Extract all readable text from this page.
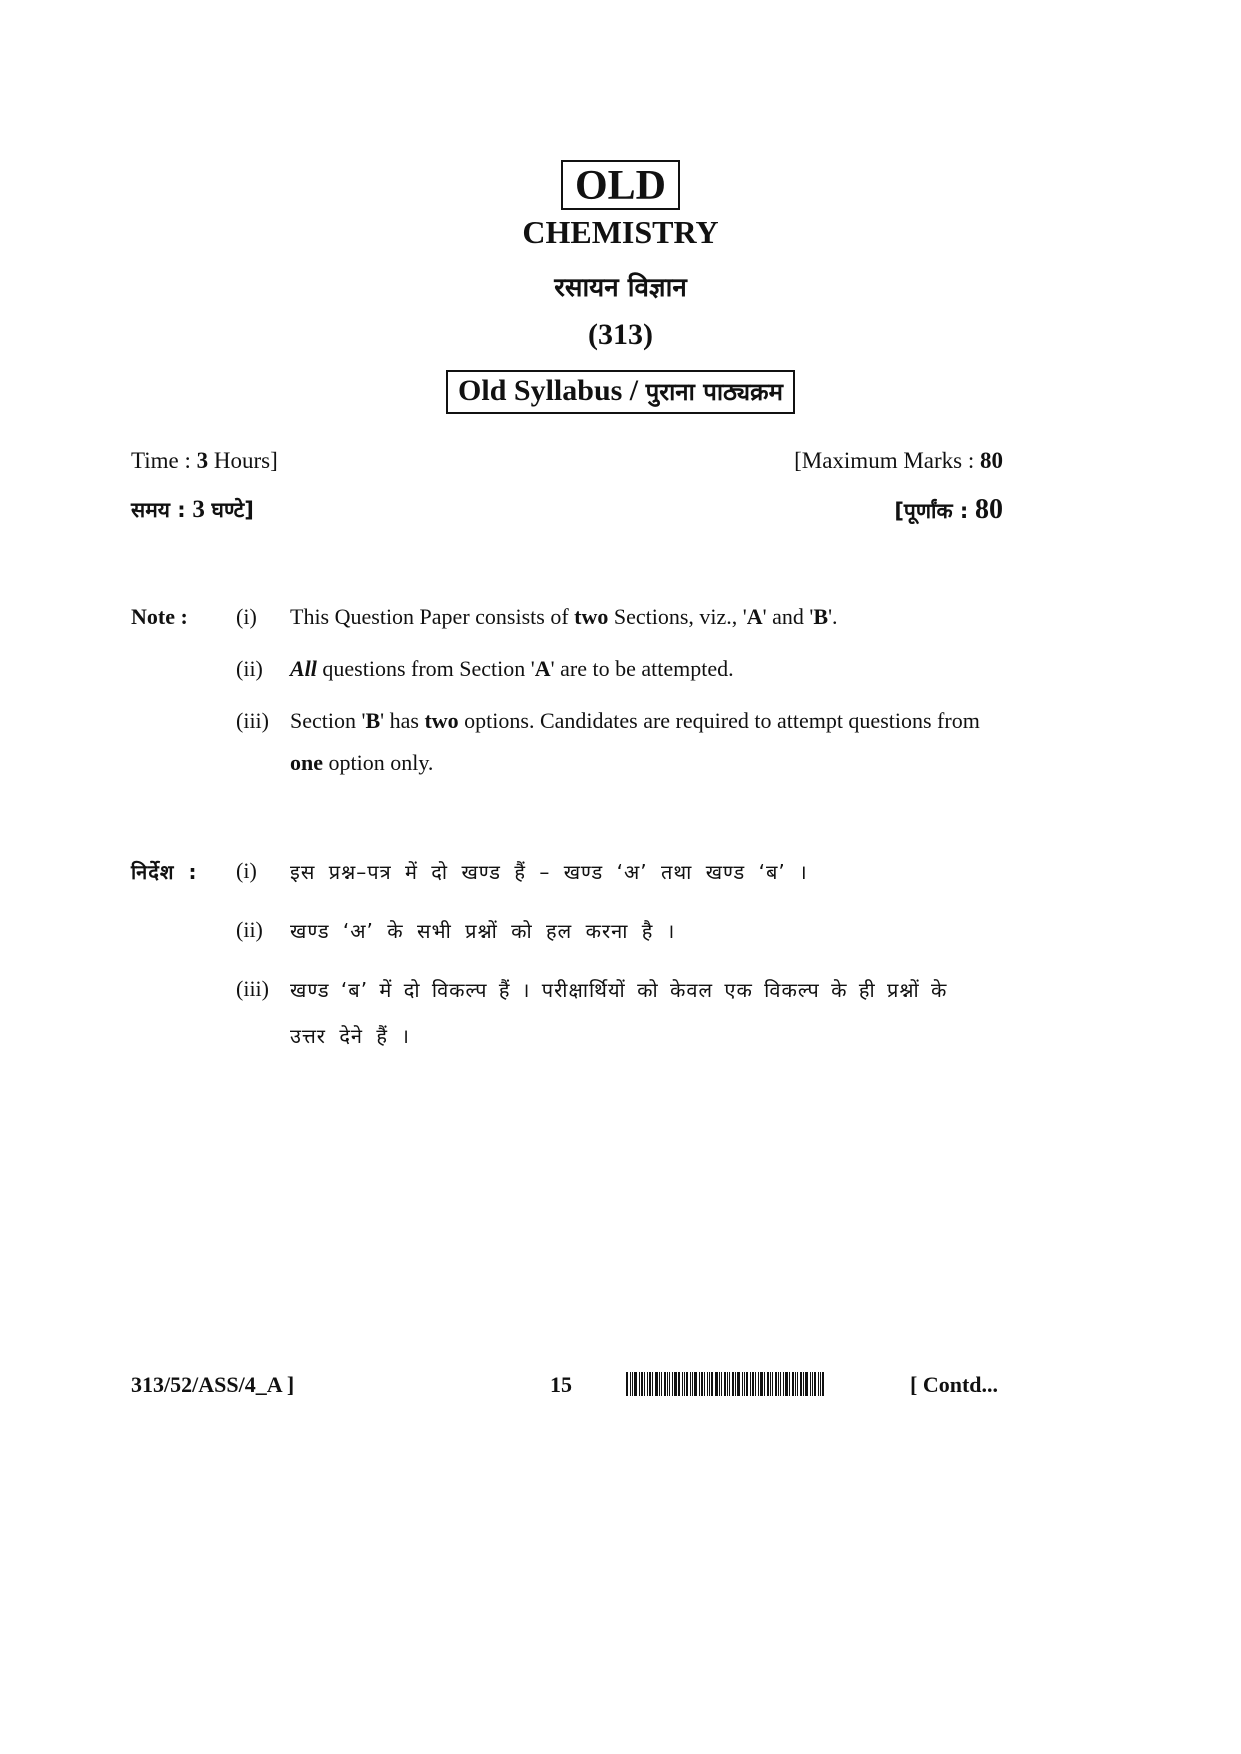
OLD
CHEMISTRY
रसायन विज्ञान
(313)
Old Syllabus / पुराना पाठ्यक्रम
Time : 3 Hours]	[Maximum Marks : 80
समय : 3 घण्टे]	[पूर्णांक : 80
Note : (i) This Question Paper consists of two Sections, viz., 'A' and 'B'.
(ii) All questions from Section 'A' are to be attempted.
(iii) Section 'B' has two options. Candidates are required to attempt questions from
one option only.
निर्देश : (i) इस प्रश्न–पत्र में दो खण्ड हैं – खण्ड ‘अ’ तथा खण्ड ‘ब’ ।
(ii) खण्ड ‘अ’ के सभी प्रश्नों को हल करना है ।
(iii) खण्ड ‘ब’ में दो विकल्प हैं । परीक्षार्थियों को केवल एक विकल्प के ही प्रश्नों के
उत्तर देने हैं ।
313/52/ASS/4_A ]	15	[ Contd...
